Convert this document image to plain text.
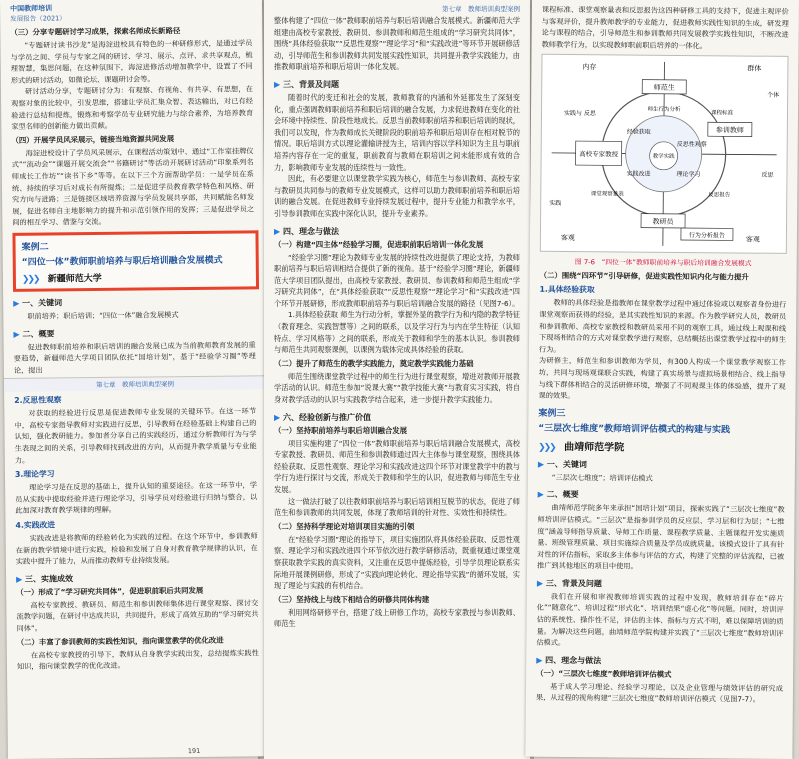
中国教师培训
发展报告（2021）
（三）分享专题研讨学习成果，探索名师成长新路径

“专题研讨读书沙龙”是海淀进校具有特色的一种研修形式，是通过学员与学员之间、学员与专家之间的研讨、学习、展示、点评、求共享观点，梳理智慧，集思问题，在这种氛围下，海淀进修活动增加教学中，设置了不同形式的研讨活动，如微论坛、课题研讨会等。

研讨活动分享，专题研讨分为：有观察、有视角、有共享、有思想，在观察对象的比较中，引发思维，搭建让学员汇集众智、表达输出，对已有经验进行总结和提炼，锻炼和考察学员专业研究能力与综合素养，为培养教育家型名师的创新能力做出贡献。

（四）开展学员风采展示，链接当地资源共同发展

海淀进校设计了学员风采展示，在课程活动策划中、通过“工作室挂牌仪式”“流动会”“课题开展交流会”“书籍研讨”等活动开展研讨活动“印象系列名师成长工作坊”“读书下乡”等等。在以下三个方面帮助学员：一是学员在系统、持续的学习后对成长有所提炼；二是促进学员教育教学特色和风格、研究方向与进路；三是链接区域培养资源与学员发展共享部，共同赋能名师发展，促进名师自主地影响力的提升和示范引领作用的发挥；三是促进学员之间的相互学习、借鉴与交流。

案例二
“四位一体”教师职前培养与职后培训融合发展模式
❯❯❯ 新疆师范大学
▶ 一、关键词

职前培养；职后培训；“四位一体”融合发展模式

▶ 二、概要

促进教师职前培养和职后培训的融合发展已成为当前教师教育发展的重要趋势，新疆师范大学项目团队依托“国培计划”，基于“经验学习圈”等理论，提出

第七章　教师培训典型案例
2.反思性观察

对获取的经验进行反思是促进教师专业发展的关键环节。在这一环节中，高校专家指导教师对实践进行反思，引导教师在经验基础上构建自己的认知，强化教研能力。参加者分享自己的实践经历，通过分析教师行为与学生表现之间的关系，引导教师找到改进的方向，从而提升教学质量与专业能力。

3.理论学习

理论学习是在反思的基础上，提升认知的重要途径。在这一环节中，学员从实践中提取经验并进行理论学习，引导学员对经验进行归纳与整合，以此加深对教育教学规律的理解。

4.实践改进

实践改进是将教师的经验转化为实践的过程。在这个环节中，参训教师在新的教学情境中进行实践，检验和发展了自身对教育教学规律的认识，在实践中提升了能力，从而推动教师专业持续发展。

▶ 三、实施成效
（一）形成了“学习研究共同体”，促进职前职后共同发展

高校专家教授、教研员、师范生和参训教师集体进行课堂观察、探讨交流教学问题，在研讨中达成共识，共同提升，形成了高效互助的“学习研究共同体”。

（二）丰富了参训教师的实践性知识，指向课堂教学的优化改进

在高校专家教授的引导下，教师从自身教学实践出发，总结提炼实践性知识，指向课堂教学的优化改进。

191
第七章　教师培训典型案例

整体构建了“四位一体”教师职前培养与职后培训融合发展模式。新疆师范大学组建由高校专家教授、教研员、参训教师和师范生组成的“学习研究共同体”，围绕“具体经验获取”“反思性观察”“理论学习”和“实践改进”等环节开展研修活动，引导师范生和参训教师共同发展实践性知识，共同提升教学实践能力，由推教师职前培养和职后培训一体化发展。

▶ 三、背景及问题

随着时代的变迁和社会的发展，教师教育的内涵和外延都发生了深刻变化，重点强调教师职前培养和职后培训的融合发展，力求促进教师在变化的社会环境中持续性、阶段性地成长。反思当前教师职前培养和职后培训的现状，我们可以发现，作为教师成长关键阶段的职前培养和职后培训存在相对脱节的情况。职后培训方式以理论灌输讲授为主，培训内容以学科知识为主且与职前培养内容存在一定的重复，职前教育与教师在职培训之间未能形成有效的合力，影响教师专业发展的连续性与一致性。

因此，有必要建立以课堂教学实践为核心，师范生与参训教师、高校专家与教研员共同参与的教师专业发展模式，这样可以助力教师职前培养和职后培训的融合发展。在促进教师专业持续发展过程中，提升专业能力和教学水平，引导参训教师在实践中深化认识，提升专业素养。

▶ 四、理念与做法
（一）构建“四主体”经验学习圈，促进职前职后培训一体化发展

“经验学习圈”理论为教师专业发展的持续性改进提供了理论支持，为教师职前培养与职后培训相结合提供了新的视角。基于“经验学习圈”理论，新疆师范大学项目团队提出，由高校专家教授、教研员、参训教师和师范生组成“学习研究共同体”，在“具体经验获取”“反思性观察”“理论学习”和“实践改进”四个环节开展研修，形成教师职前培养与职后培训融合发展的路径（见图7-6）。

1.具体经验获取 师生为行动分析，掌握外显的教学行为和内隐的教学特征（教育理念、实践智慧等）之间的联系，以及学习行为与内在学生特征（认知特点、学习风格等）之间的联系，形成关于教师和学生的基本认识。参训教师与师范生共同观察课例，以课例为载体完成具体经验的获取。

（二）提升了师范生的教学实践能力，奠定教学实践能力基础

师范生围绕课堂教学过程中的师生行为进行课堂观察，增进对教师开展教学活动的认识。师范生参加“说课大赛”“教学技能大赛”与教育实习实践，将自身对教学活动的认识与实践教学结合起来，进一步提升教学实践能力。

▶ 六、经验创新与推广价值
（一）坚持职前培养与职后培训融合发展

项目实施构建了“四位一体”教师职前培养与职后培训融合发展模式，高校专家教授、教研员、师范生和参训教师通过四大主体参与课堂观察，围绕具体经验获取、反思性观察、理论学习和实践改进这四个环节对课堂教学中的教与学行为进行探讨与交流，形成关于教师和学生的认识，促进教师与师范生专业发展。

这一做法打破了以往教师职前培养与职后培训相互脱节的状态，促进了师范生和参训教师的共同发展，体现了教师培训的针对性、实效性和持续性。

（二）坚持科学理论对培训项目实施的引领

在“经验学习圈”理论的指导下，项目实施团队将具体经验获取、反思性观察、理论学习和实践改进四个环节依次进行教学研修活动，既重视通过课堂观察获取教学实践的真实资料，又注重在反思中提炼经验，引导学员理论联系实际地开展课例研修，形成了“实践向理论转化、理论指导实践”的循环发展，实现了理论与实践的有机结合。

（三）坚持线上与线下相结合的研修共同体构建

利用网络研修平台，搭建了线上研修工作坊，高校专家教授与参训教师、师范生

课程标准、课堂观察量表和反思报告这四种研修工具的支持下，促进主观评价与客观评价，提升教师教学的专业能力，促进教师实践性知识的生成，研发理论与课程的结合，引导师范生和参训教师共同发展教学实践性知识，不断改进教师教学行为，以实现教师职前职后培养的一体化。

内存	群体
客观	客观
个体
实践
师范生
参训教师
高校专家教授
教研员
经验获取
反思性观察
理论学习
实践改进
教学实践
师生行为分析
反思报告
课堂观察量表
课程标准
行为分析报告
实践与 反思
反思
图 7-6　“四位一体”教师职前培养与职后培训融合发展模式
（二）围绕“四环节”引导研修，促进实践性知识内化与能力提升
1.具体经验获取

教师的具体经验是指教师在课堂教学过程中通过体验或以观察者身份进行课堂观察而获得的经验，是其实践性知识的来源。作为教学研究人员，教研员和参训教师、高校专家教授和教研员采用不同的观察工具，通过线上观课和线下现场相结合的方式对课堂教学进行观察，总结概括出课堂教学过程中的师生行为。

为研修主，师范生和参训教师为学员，有300人构成一个课堂教学观察工作坊，共同与现场观课联合实践，构建了真实场景与虚拟场景相结合、线上指导与线下群体相结合的灵活研修环境，增强了不同观课主体的体验感，提升了观课的效果。

案例三
“三层次七维度”教师培训评估模式的构建与实践
❯❯❯ 曲靖师范学院
▶ 一、关键词

“三层次七维度”；培训评估模式

▶ 二、概要

曲靖师范学院多年来承担“国培计划”项目，探索实践了“三层次七维度”教师培训评估模式。“三层次”是指参训学员的反应层、学习层和行为层；“七维度”涵盖导师指导质量、导师工作质量、课程教学质量、主题课程开发实施质量、班级管理质量、项目实施综合质量及学员成就质量。该模式设计了具有针对性的评估指标，采取多主体参与评估的方式，构建了完整的评估流程，已被推广到其他地区的项目中使用。

▶ 三、背景及问题

我们在开展和审视教师培训实践的过程中发现，教师培训存在“碎片化”“随意化”、培训过程“形式化”、培训结果“虚心化”等问题。同时，培训评估的系统性、操作性不足，评估的主体、指标与方式不明，难以保障培训的质量。为解决这些问题，曲靖师范学院构建并实践了“三层次七维度”教师培训评估模式。

▶ 四、理念与做法
（一）“三层次七维度”教师培训评估模式

基于成人学习理论、经验学习理论，以及企业管理与绩效评估的研究成果，从过程的视角构建“三层次七维度”教师培训评估模式（见图7-7）。
